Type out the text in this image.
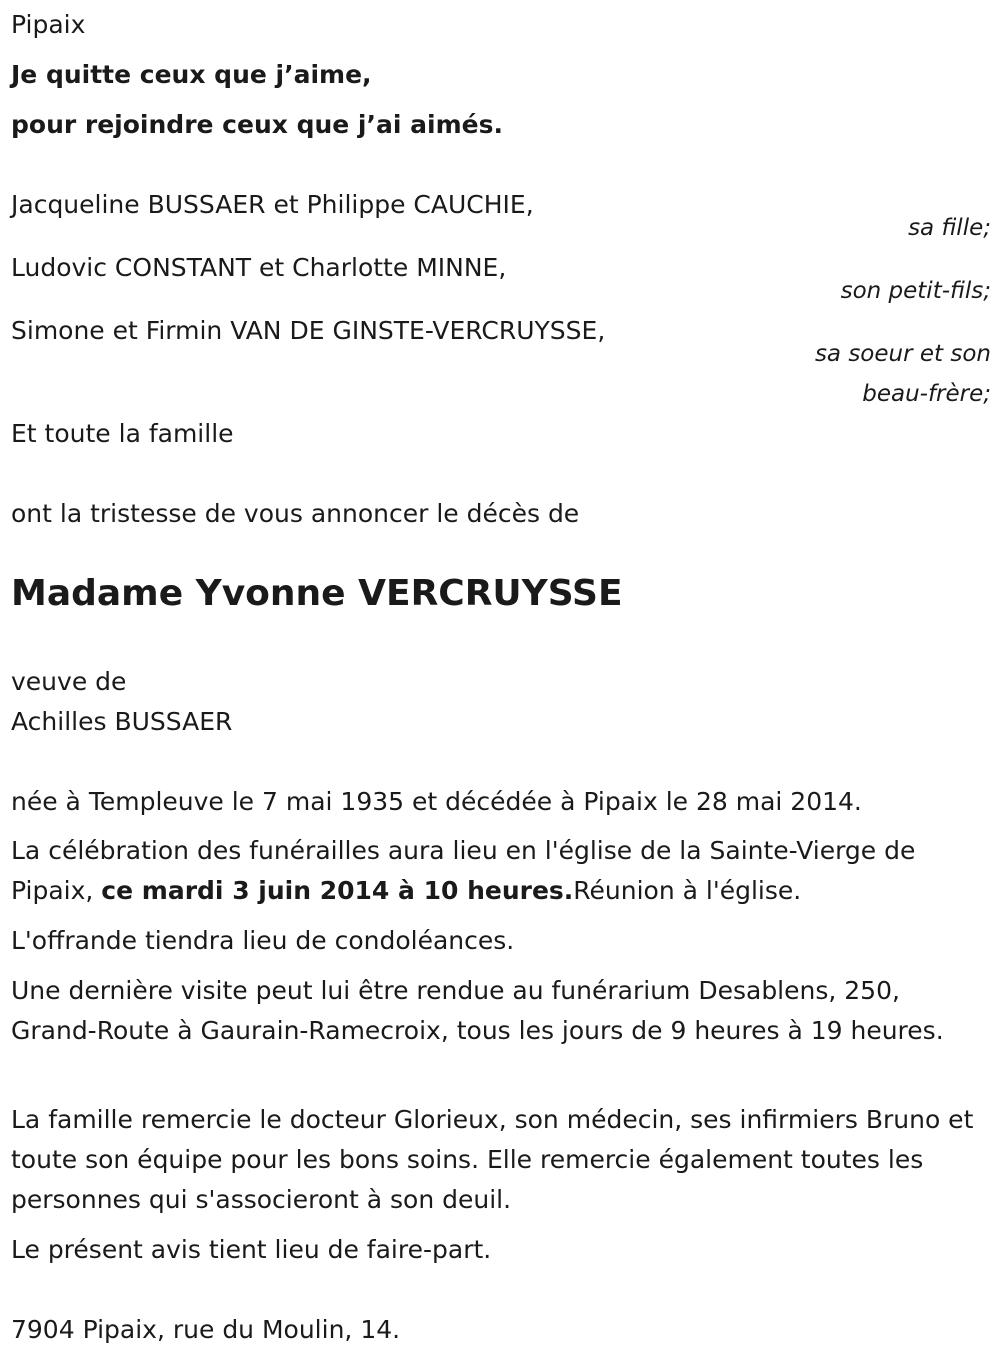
Pipaix
Je quitte ceux que j’aime,
pour rejoindre ceux que j’ai aimés.
Jacqueline BUSSAER et Philippe CAUCHIE,
sa fille;
Ludovic CONSTANT et Charlotte MINNE,
son petit-fils;
Simone et Firmin VAN DE GINSTE-VERCRUYSSE,
sa soeur et son
beau-frère;
Et toute la famille
ont la tristesse de vous annoncer le décès de
Madame Yvonne VERCRUYSSE
veuve de
Achilles BUSSAER
née à Templeuve le 7 mai 1935 et décédée à Pipaix le 28 mai 2014.
La célébration des funérailles aura lieu en l'église de la Sainte-Vierge de Pipaix, ce mardi 3 juin 2014 à 10 heures.Réunion à l'église.
L'offrande tiendra lieu de condoléances.
Une dernière visite peut lui être rendue au funérarium Desablens, 250, Grand-Route à Gaurain-Ramecroix, tous les jours de 9 heures à 19 heures.
La famille remercie le docteur Glorieux, son médecin, ses infirmiers Bruno et toute son équipe pour les bons soins. Elle remercie également toutes les personnes qui s'associeront à son deuil.
Le présent avis tient lieu de faire-part.
7904 Pipaix, rue du Moulin, 14.
